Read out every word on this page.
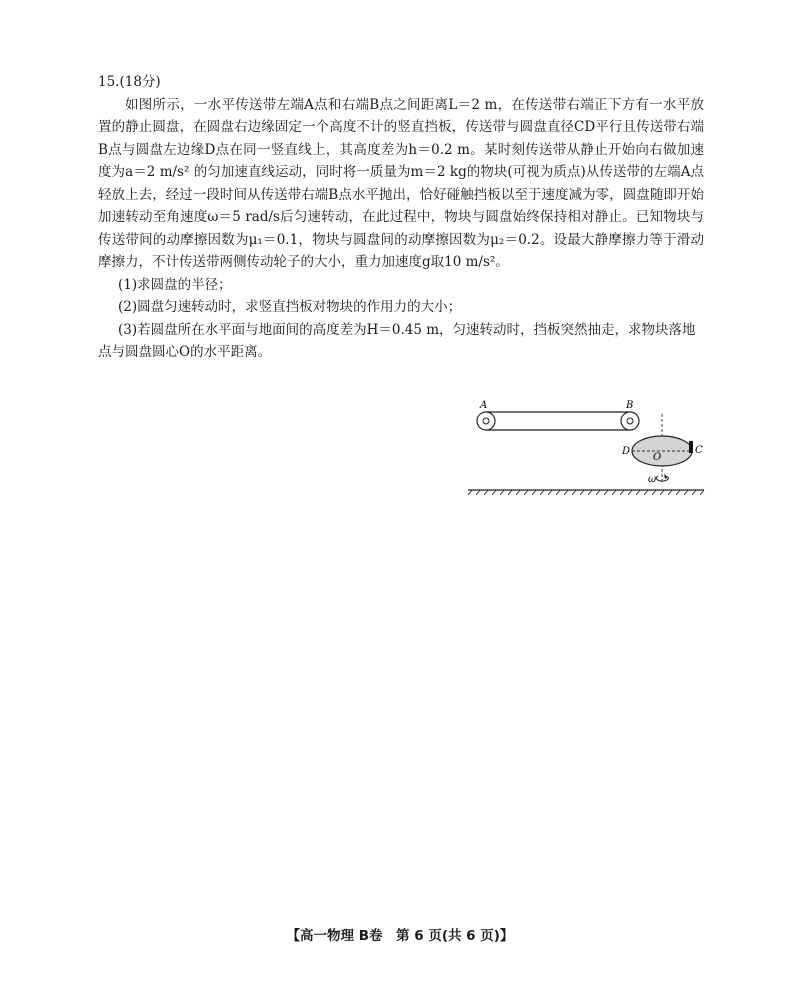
15.(18分)

如图所示，一水平传送带左端A点和右端B点之间距离L＝2 m，在传送带右端正下方有一水平放置的静止圆盘，在圆盘右边缘固定一个高度不计的竖直挡板，传送带与圆盘直径CD平行且传送带右端B点与圆盘左边缘D点在同一竖直线上，其高度差为h＝0.2 m。某时刻传送带从静止开始向右做加速度为a＝2 m/s² 的匀加速直线运动，同时将一质量为m＝2 kg的物块(可视为质点)从传送带的左端A点轻放上去，经过一段时间从传送带右端B点水平抛出，恰好碰触挡板以至于速度减为零，圆盘随即开始加速转动至角速度ω＝5 rad/s后匀速转动，在此过程中，物块与圆盘始终保持相对静止。已知物块与传送带间的动摩擦因数为μ₁＝0.1，物块与圆盘间的动摩擦因数为μ₂＝0.2。设最大静摩擦力等于滑动摩擦力，不计传送带两侧传动轮子的大小，重力加速度g取10 m/s²。

(1)求圆盘的半径；

(2)圆盘匀速转动时，求竖直挡板对物块的作用力的大小；

(3)若圆盘所在水平面与地面间的高度差为H＝0.45 m，匀速转动时，挡板突然抽走，求物块落地点与圆盘圆心O的水平距离。

A	B
C
D
O
ω
【高一物理 B卷　第 6 页(共 6 页)】
